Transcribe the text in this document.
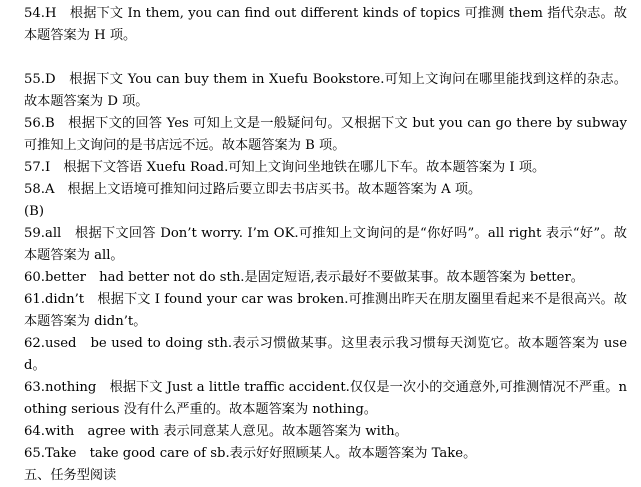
54.H　根据下文 In them, you can find out different kinds of topics 可推测 them 指代杂志。故本题答案为 H 项。

55.D　根据下文 You can buy them in Xuefu Bookstore.可知上文询问在哪里能找到这样的杂志。故本题答案为 D 项。

56.B　根据下文的回答 Yes 可知上文是一般疑问句。又根据下文 but you can go there by subway 可推知上文询问的是书店远不远。故本题答案为 B 项。

57.I　根据下文答语 Xuefu Road.可知上文询问坐地铁在哪儿下车。故本题答案为 I 项。

58.A　根据上文语境可推知问过路后要立即去书店买书。故本题答案为 A 项。

(B)

59.all　根据下文回答 Don’t worry. I’m OK.可推知上文询问的是“你好吗”。all right 表示“好”。故本题答案为 all。

60.better　had better not do sth.是固定短语,表示最好不要做某事。故本题答案为 better。

61.didn’t　根据下文 I found your car was broken.可推测出昨天在朋友圈里看起来不是很高兴。故本题答案为 didn’t。

62.used　be used to doing sth.表示习惯做某事。这里表示我习惯每天浏览它。故本题答案为 used。

63.nothing　根据下文 Just a little traffic accident.仅仅是一次小的交通意外,可推测情况不严重。nothing serious 没有什么严重的。故本题答案为 nothing。

64.with　agree with 表示同意某人意见。故本题答案为 with。

65.Take　take good care of sb.表示好好照顾某人。故本题答案为 Take。

五、任务型阅读
